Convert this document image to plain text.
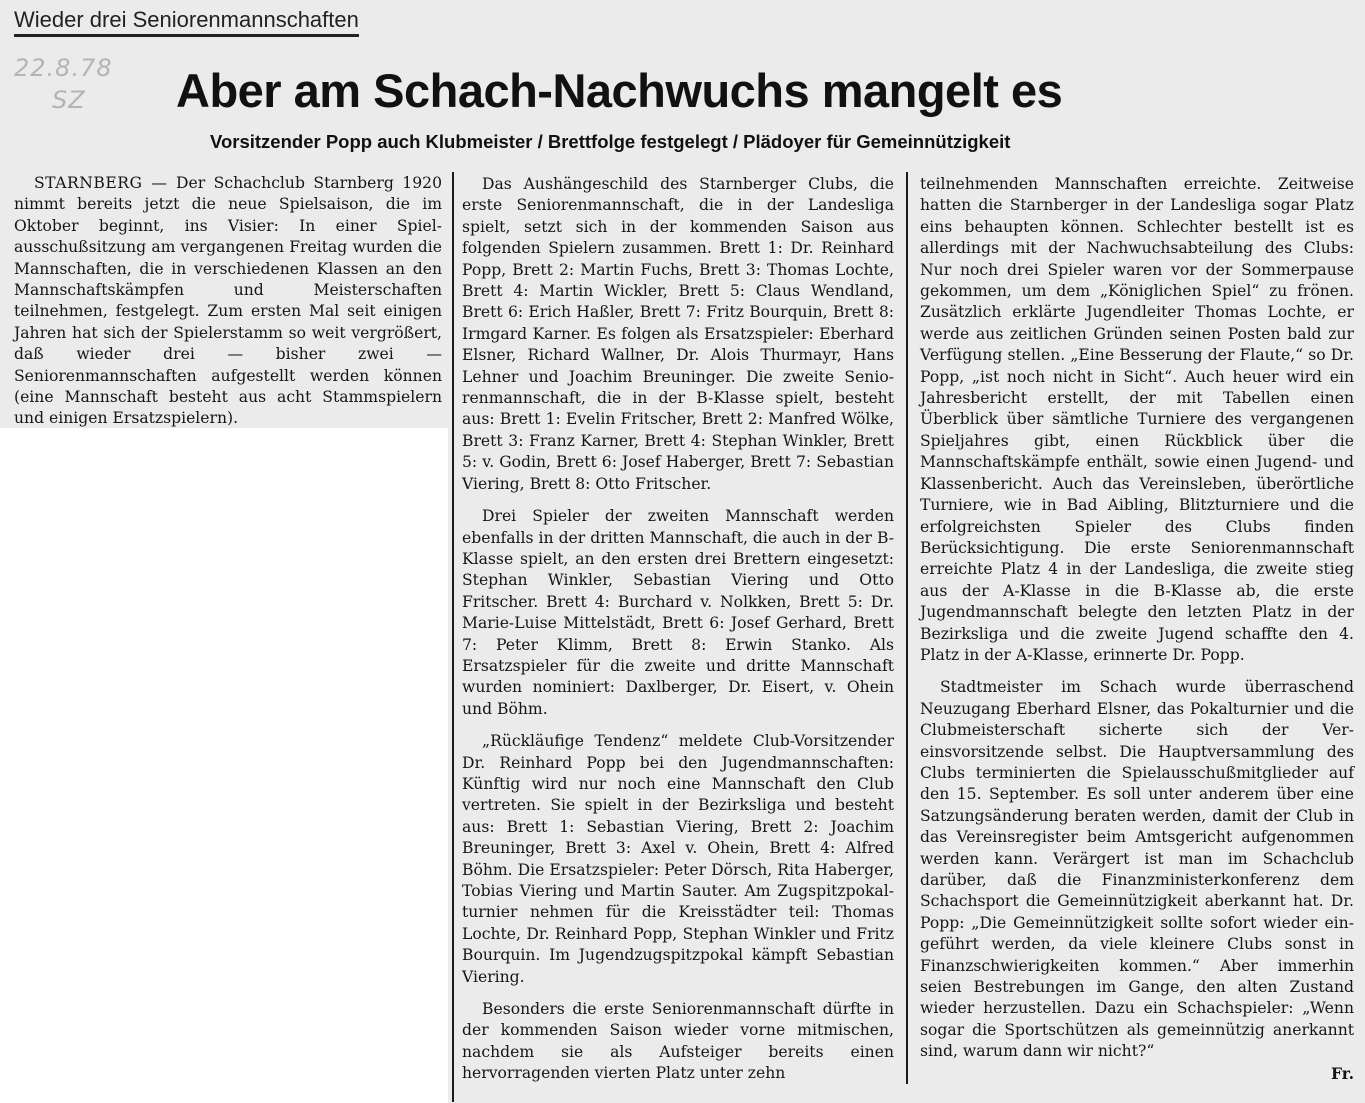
Wieder drei Seniorenmannschaften
22.8.78
SZ	Aber am Schach-Nachwuchs mangelt es
Vorsitzender Popp auch Klubmeister / Brettfolge festgelegt / Plädoyer für Gemeinnützigkeit

STARNBERG — Der Schachclub Starnberg 1920 nimmt bereits jetzt die neue Spielsaison, die im Oktober beginnt, ins Visier: In einer Spielausschußsitzung am vergangenen Freitag wurden die Mannschaften, die in verschiedenen Klassen an den Mannschaftskämpfen und Meisterschaften teilnehmen, festgelegt. Zum ersten Mal seit einigen Jahren hat sich der Spielerstamm so weit vergrößert, daß wieder drei — bisher zwei — Seniorenmannschaften aufgestellt werden können (eine Mannschaft besteht aus acht Stammspielern und einigen Ersatzspielern).

Das Aushängeschild des Starnberger Clubs, die erste Seniorenmannschaft, die in der Landesliga spielt, setzt sich in der kommenden Saison aus folgenden Spielern zusammen. Brett 1: Dr. Reinhard Popp, Brett 2: Martin Fuchs, Brett 3: Thomas Lochte, Brett 4: Martin Wickler, Brett 5: Claus Wendland, Brett 6: Erich Haßler, Brett 7: Fritz Bourquin, Brett 8: Irmgard Karner. Es folgen als Ersatzspieler: Eberhard Elsner, Richard Wallner, Dr. Alois Thurmayr, Hans Lehner und Joachim Breuninger. Die zweite Seniorenmannschaft, die in der B-Klasse spielt, besteht aus: Brett 1: Evelin Fritscher, Brett 2: Manfred Wölke, Brett 3: Franz Karner, Brett 4: Stephan Winkler, Brett 5: v. Godin, Brett 6: Josef Haberger, Brett 7: Sebastian Viering, Brett 8: Otto Fritscher.

Drei Spieler der zweiten Mannschaft werden ebenfalls in der dritten Mannschaft, die auch in der B-Klasse spielt, an den ersten drei Brettern eingesetzt: Stephan Winkler, Sebastian Viering und Otto Fritscher. Brett 4: Burchard v. Nolkken, Brett 5: Dr. Marie-Luise Mittelstädt, Brett 6: Josef Gerhard, Brett 7: Peter Klimm, Brett 8: Erwin Stanko. Als Ersatzspieler für die zweite und dritte Mannschaft wurden nominiert: Daxlberger, Dr. Eisert, v. Ohein und Böhm.

„Rückläufige Tendenz“ meldete Club-Vorsitzender Dr. Reinhard Popp bei den Jugendmannschaften: Künftig wird nur noch eine Mannschaft den Club vertreten. Sie spielt in der Bezirksliga und besteht aus: Brett 1: Sebastian Viering, Brett 2: Joachim Breuninger, Brett 3: Axel v. Ohein, Brett 4: Alfred Böhm. Die Ersatzspieler: Peter Dörsch, Rita Haberger, Tobias Viering und Martin Sauter. Am Zugspitzpokalturnier nehmen für die Kreisstädter teil: Thomas Lochte, Dr. Reinhard Popp, Stephan Winkler und Fritz Bourquin. Im Jugendzugspitzpokal kämpft Sebastian Viering.

Besonders die erste Seniorenmannschaft dürfte in der kommenden Saison wieder vorne mitmischen, nachdem sie als Aufsteiger bereits einen hervorragenden vierten Platz unter zehn

teilnehmenden Mannschaften erreichte. Zeitweise hatten die Starnberger in der Landesliga sogar Platz eins behaupten können. Schlechter bestellt ist es allerdings mit der Nachwuchsabteilung des Clubs: Nur noch drei Spieler waren vor der Sommerpause gekommen, um dem „Königlichen Spiel“ zu frönen. Zusätzlich erklärte Jugendleiter Thomas Lochte, er werde aus zeitlichen Gründen seinen Posten bald zur Verfügung stellen. „Eine Besserung der Flaute,“ so Dr. Popp, „ist noch nicht in Sicht“. Auch heuer wird ein Jahresbericht erstellt, der mit Tabellen einen Überblick über sämtliche Turniere des vergangenen Spieljahres gibt, einen Rückblick über die Mannschaftskämpfe enthält, sowie einen Jugend- und Klassenbericht. Auch das Vereinsleben, überörtliche Turniere, wie in Bad Aibling, Blitzturniere und die erfolgreichsten Spieler des Clubs finden Berücksichtigung. Die erste Seniorenmannschaft erreichte Platz 4 in der Landesliga, die zweite stieg aus der A-Klasse in die B-Klasse ab, die erste Jugendmannschaft belegte den letzten Platz in der Bezirksliga und die zweite Jugend schaffte den 4. Platz in der A-Klasse, erinnerte Dr. Popp.

Stadtmeister im Schach wurde überraschend Neuzugang Eberhard Elsner, das Pokalturnier und die Clubmeisterschaft sicherte sich der Vereinsvorsitzende selbst. Die Hauptversammlung des Clubs terminierten die Spielausschußmitglieder auf den 15. September. Es soll unter anderem über eine Satzungsänderung beraten werden, damit der Club in das Vereinsregister beim Amtsgericht aufgenommen werden kann. Verärgert ist man im Schachclub darüber, daß die Finanzministerkonferenz dem Schachsport die Gemeinnützigkeit aberkannt hat. Dr. Popp: „Die Gemeinnützigkeit sollte sofort wieder eingeführt werden, da viele kleinere Clubs sonst in Finanzschwierigkeiten kommen.“ Aber immerhin seien Bestrebungen im Gange, den alten Zustand wieder herzustellen. Dazu ein Schachspieler: „Wenn sogar die Sportschützen als gemeinnützig anerkannt sind, warum dann wir nicht?“

Fr.
